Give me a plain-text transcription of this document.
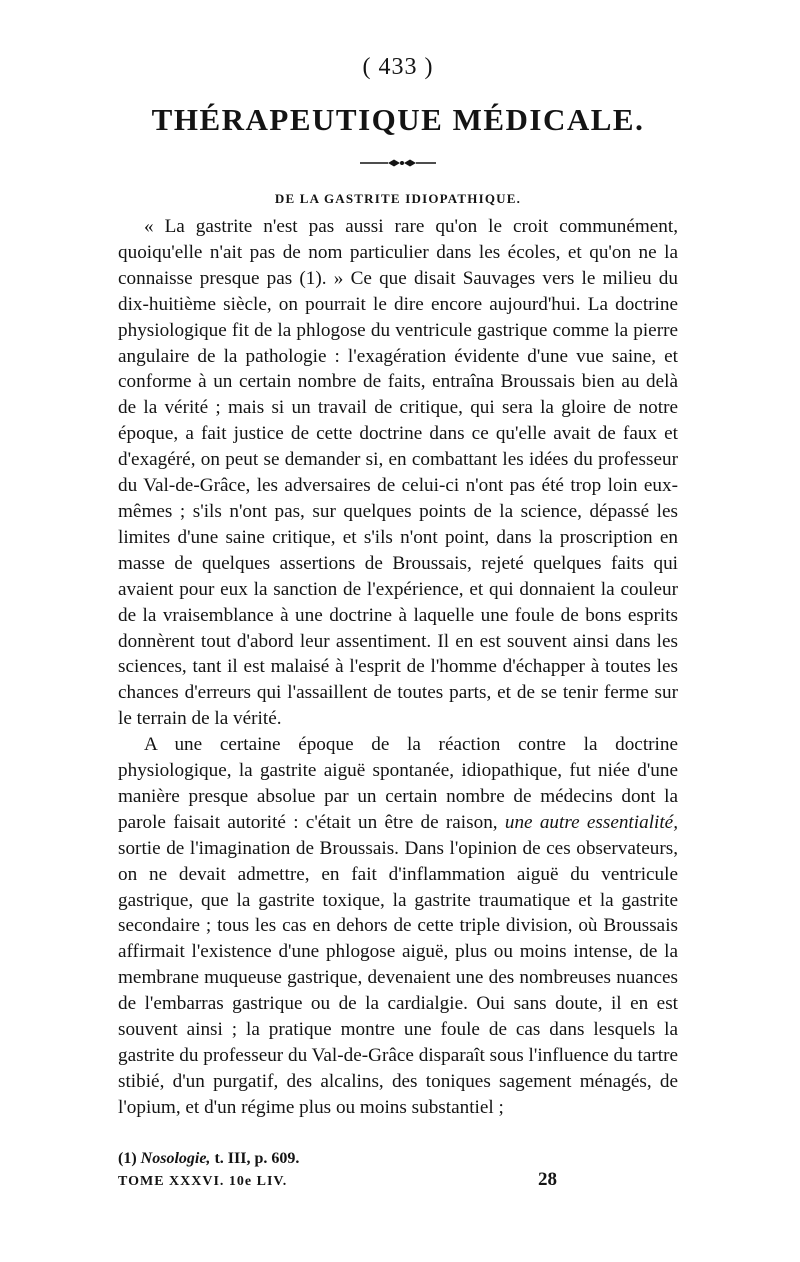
( 433 )

THÉRAPEUTIQUE MÉDICALE.
DE LA GASTRITE IDIOPATHIQUE.

« La gastrite n'est pas aussi rare qu'on le croit communément, quoiqu'elle n'ait pas de nom particulier dans les écoles, et qu'on ne la connaisse presque pas (1). » Ce que disait Sauvages vers le milieu du dix-huitième siècle, on pourrait le dire encore aujourd'hui. La doctrine physiologique fit de la phlogose du ventricule gastrique comme la pierre angulaire de la pathologie : l'exagération évidente d'une vue saine, et conforme à un certain nombre de faits, entraîna Broussais bien au delà de la vérité ; mais si un travail de critique, qui sera la gloire de notre époque, a fait justice de cette doctrine dans ce qu'elle avait de faux et d'exagéré, on peut se demander si, en combattant les idées du professeur du Val-de-Grâce, les adversaires de celui-ci n'ont pas été trop loin eux-mêmes ; s'ils n'ont pas, sur quelques points de la science, dépassé les limites d'une saine critique, et s'ils n'ont point, dans la proscription en masse de quelques assertions de Broussais, rejeté quelques faits qui avaient pour eux la sanction de l'expérience, et qui donnaient la couleur de la vraisemblance à une doctrine à laquelle une foule de bons esprits donnèrent tout d'abord leur assentiment. Il en est souvent ainsi dans les sciences, tant il est malaisé à l'esprit de l'homme d'échapper à toutes les chances d'erreurs qui l'assaillent de toutes parts, et de se tenir ferme sur le terrain de la vérité.

A une certaine époque de la réaction contre la doctrine physiologique, la gastrite aiguë spontanée, idiopathique, fut niée d'une manière presque absolue par un certain nombre de médecins dont la parole faisait autorité : c'était un être de raison, une autre essentialité, sortie de l'imagination de Broussais. Dans l'opinion de ces observateurs, on ne devait admettre, en fait d'inflammation aiguë du ventricule gastrique, que la gastrite toxique, la gastrite traumatique et la gastrite secondaire ; tous les cas en dehors de cette triple division, où Broussais affirmait l'existence d'une phlogose aiguë, plus ou moins intense, de la membrane muqueuse gastrique, devenaient une des nombreuses nuances de l'embarras gastrique ou de la cardialgie. Oui sans doute, il en est souvent ainsi ; la pratique montre une foule de cas dans lesquels la gastrite du professeur du Val-de-Grâce disparaît sous l'influence du tartre stibié, d'un purgatif, des alcalins, des toniques sagement ménagés, de l'opium, et d'un régime plus ou moins substantiel ;

(1) Nosologie, t. III, p. 609.

TOME XXXVI. 10e LIV.	28
